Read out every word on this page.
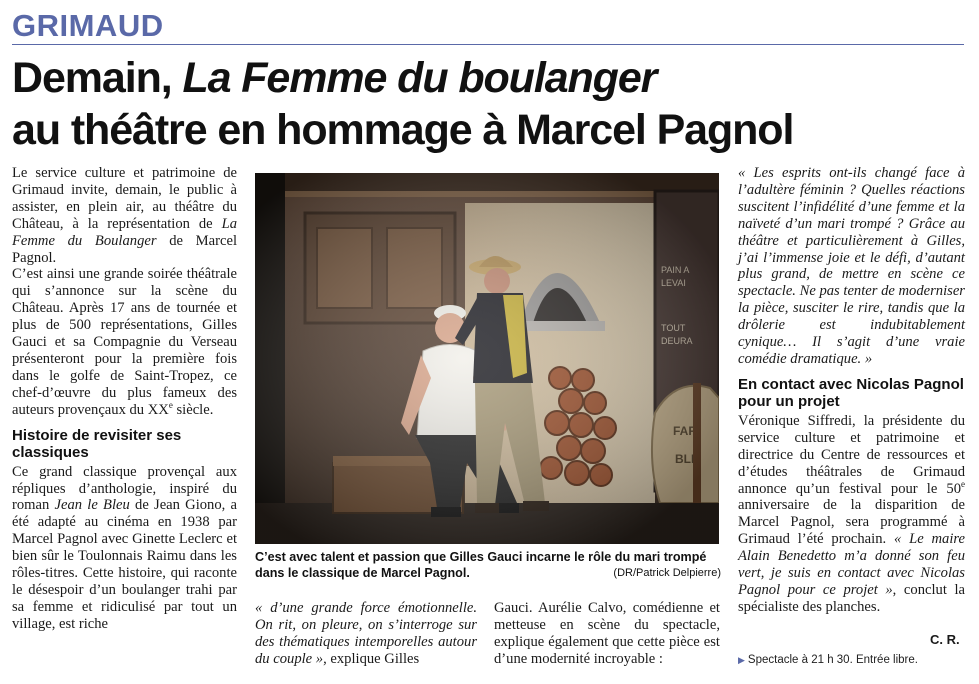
GRIMAUD
Demain, La Femme du boulanger
au théâtre en hommage à Marcel Pagnol

Le service culture et patrimoine de Grimaud invite, demain, le public à assister, en plein air, au théâtre du Château, à la représentation de La Femme du Boulanger de Marcel Pagnol.

C’est ainsi une grande soirée théâtrale qui s’annonce sur la scène du Château. Après 17 ans de tournée et plus de 500 représentations, Gilles Gauci et sa Compagnie du Verseau présenteront pour la première fois dans le golfe de Saint-Tropez, ce chef-d’œuvre du plus fameux des auteurs provençaux du XXe siècle.

Histoire de revisiter ses classiques

Ce grand classique provençal aux répliques d’anthologie, inspiré du roman Jean le Bleu de Jean Giono, a été adapté au cinéma en 1938 par Marcel Pagnol avec Ginette Leclerc et bien sûr le Toulonnais Raimu dans les rôles-titres. Cette histoire, qui raconte le désespoir d’un boulanger trahi par sa femme et ridiculisé par tout un village, est riche

C’est avec talent et passion que Gilles Gauci incarne le rôle du mari trompé dans le classique de Marcel Pagnol.	(DR/Patrick Delpierre)

« d’une grande force émotionnelle. On rit, on pleure, on s’interroge sur des thématiques intemporelles autour du couple », explique Gilles

Gauci. Aurélie Calvo, comédienne et metteuse en scène du spectacle, explique également que cette pièce est d’une modernité incroyable :

« Les esprits ont-ils changé face à l’adultère féminin ? Quelles réactions suscitent l’infidélité d’une femme et la naïveté d’un mari trompé ? Grâce au théâtre et particulièrement à Gilles, j’ai l’immense joie et le défi, d’autant plus grand, de mettre en scène ce spectacle. Ne pas tenter de moderniser la pièce, susciter le rire, tandis que la drôlerie est indubitablement cynique… Il s’agit d’une vraie comédie dramatique. »

En contact avec Nicolas Pagnol pour un projet

Véronique Siffredi, la présidente du service culture et patrimoine et directrice du Centre de ressources et d’études théâtrales de Grimaud annonce qu’un festival pour le 50e anniversaire de la disparition de Marcel Pagnol, sera programmé à Grimaud l’été prochain. « Le maire Alain Benedetto m’a donné son feu vert, je suis en contact avec Nicolas Pagnol pour ce projet », conclut la spécialiste des planches.

C. R.
▶ Spectacle à 21 h 30. Entrée libre.
